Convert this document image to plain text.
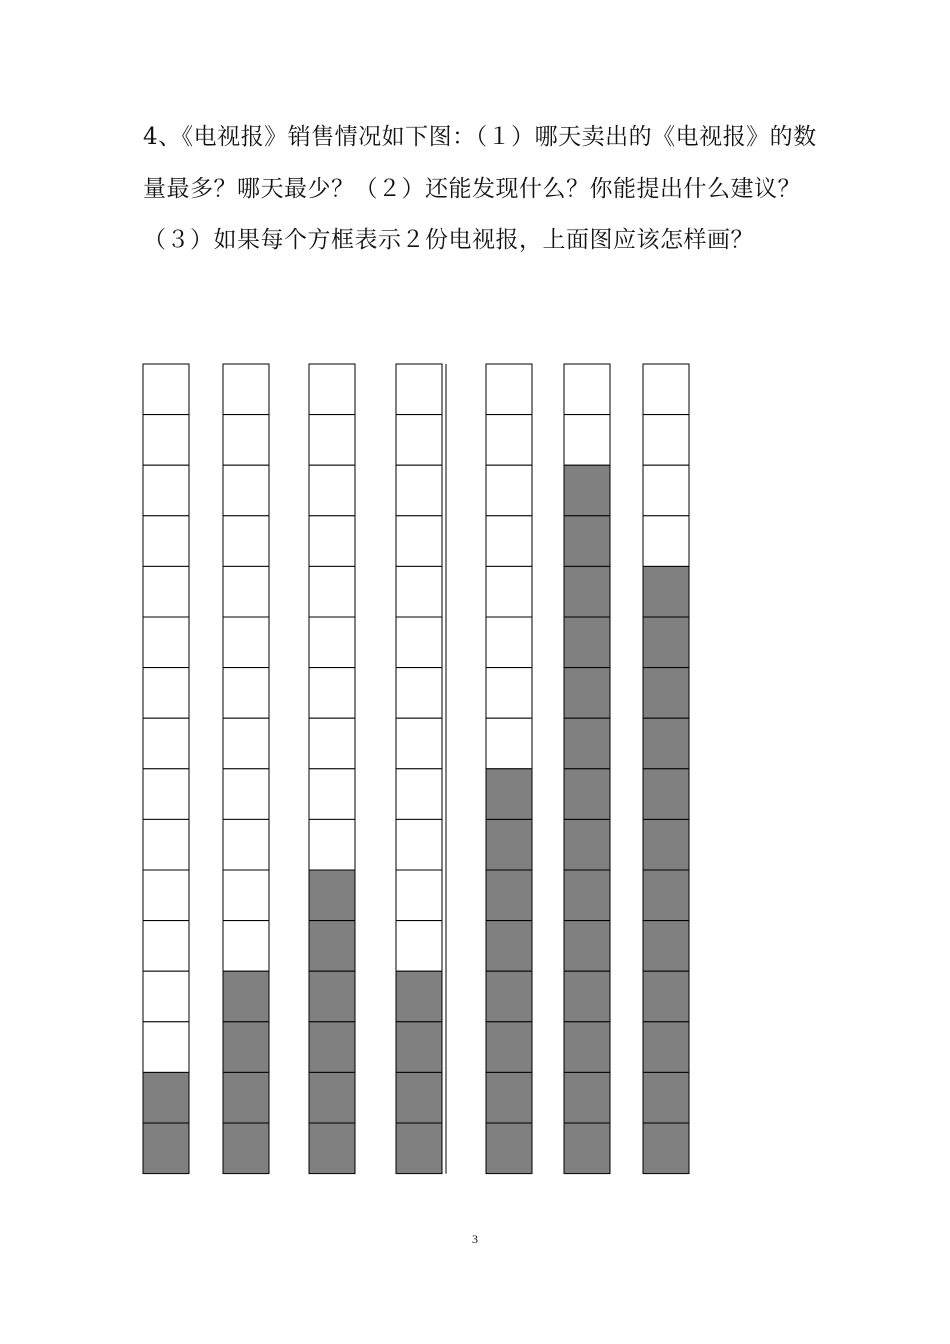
4、《电视报》销售情况如下图：（１）哪天卖出的《电视报》的数量最多？哪天最少？（２）还能发现什么？你能提出什么建议？（３）如果每个方框表示２份电视报，上面图应该怎样画？

3
